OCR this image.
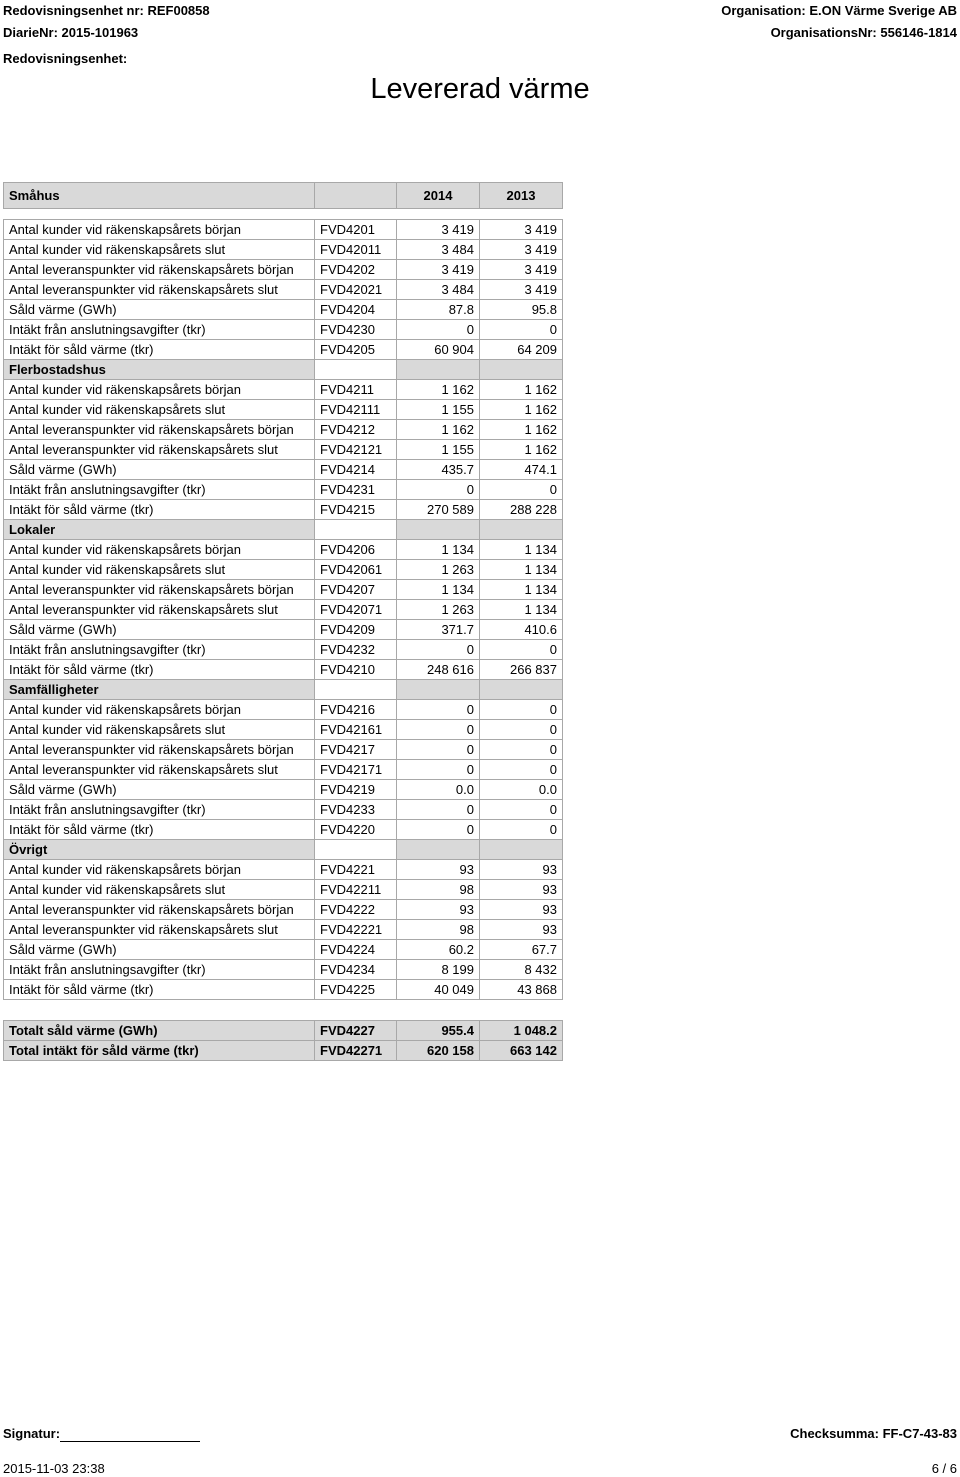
Redovisningsenhet nr: REF00858
DiarieNr: 2015-101963
Redovisningsenhet:
Organisation: E.ON Värme Sverige AB
OrganisationsNr: 556146-1814
Levererad värme
Småhus		2014	2013

Antal kunder vid räkenskapsårets början	FVD4201	3 419	3 419
Antal kunder vid räkenskapsårets slut	FVD42011	3 484	3 419
Antal leveranspunkter vid räkenskapsårets början	FVD4202	3 419	3 419
Antal leveranspunkter vid räkenskapsårets slut	FVD42021	3 484	3 419
Såld värme (GWh)	FVD4204	87.8	95.8
Intäkt från anslutningsavgifter (tkr)	FVD4230	0	0
Intäkt för såld värme (tkr)	FVD4205	60 904	64 209
Flerbostadshus			
Antal kunder vid räkenskapsårets början	FVD4211	1 162	1 162
Antal kunder vid räkenskapsårets slut	FVD42111	1 155	1 162
Antal leveranspunkter vid räkenskapsårets början	FVD4212	1 162	1 162
Antal leveranspunkter vid räkenskapsårets slut	FVD42121	1 155	1 162
Såld värme (GWh)	FVD4214	435.7	474.1
Intäkt från anslutningsavgifter (tkr)	FVD4231	0	0
Intäkt för såld värme (tkr)	FVD4215	270 589	288 228
Lokaler			
Antal kunder vid räkenskapsårets början	FVD4206	1 134	1 134
Antal kunder vid räkenskapsårets slut	FVD42061	1 263	1 134
Antal leveranspunkter vid räkenskapsårets början	FVD4207	1 134	1 134
Antal leveranspunkter vid räkenskapsårets slut	FVD42071	1 263	1 134
Såld värme (GWh)	FVD4209	371.7	410.6
Intäkt från anslutningsavgifter (tkr)	FVD4232	0	0
Intäkt för såld värme (tkr)	FVD4210	248 616	266 837
Samfälligheter			
Antal kunder vid räkenskapsårets början	FVD4216	0	0
Antal kunder vid räkenskapsårets slut	FVD42161	0	0
Antal leveranspunkter vid räkenskapsårets början	FVD4217	0	0
Antal leveranspunkter vid räkenskapsårets slut	FVD42171	0	0
Såld värme (GWh)	FVD4219	0.0	0.0
Intäkt från anslutningsavgifter (tkr)	FVD4233	0	0
Intäkt för såld värme (tkr)	FVD4220	0	0
Övrigt			
Antal kunder vid räkenskapsårets början	FVD4221	93	93
Antal kunder vid räkenskapsårets slut	FVD42211	98	93
Antal leveranspunkter vid räkenskapsårets början	FVD4222	93	93
Antal leveranspunkter vid räkenskapsårets slut	FVD42221	98	93
Såld värme (GWh)	FVD4224	60.2	67.7
Intäkt från anslutningsavgifter (tkr)	FVD4234	8 199	8 432
Intäkt för såld värme (tkr)	FVD4225	40 049	43 868

Totalt såld värme (GWh)	FVD4227	955.4	1 048.2
Total intäkt för såld värme (tkr)	FVD42271	620 158	663 142
Signatur:	Checksumma: FF-C7-43-83
2015-11-03 23:38	6 / 6
